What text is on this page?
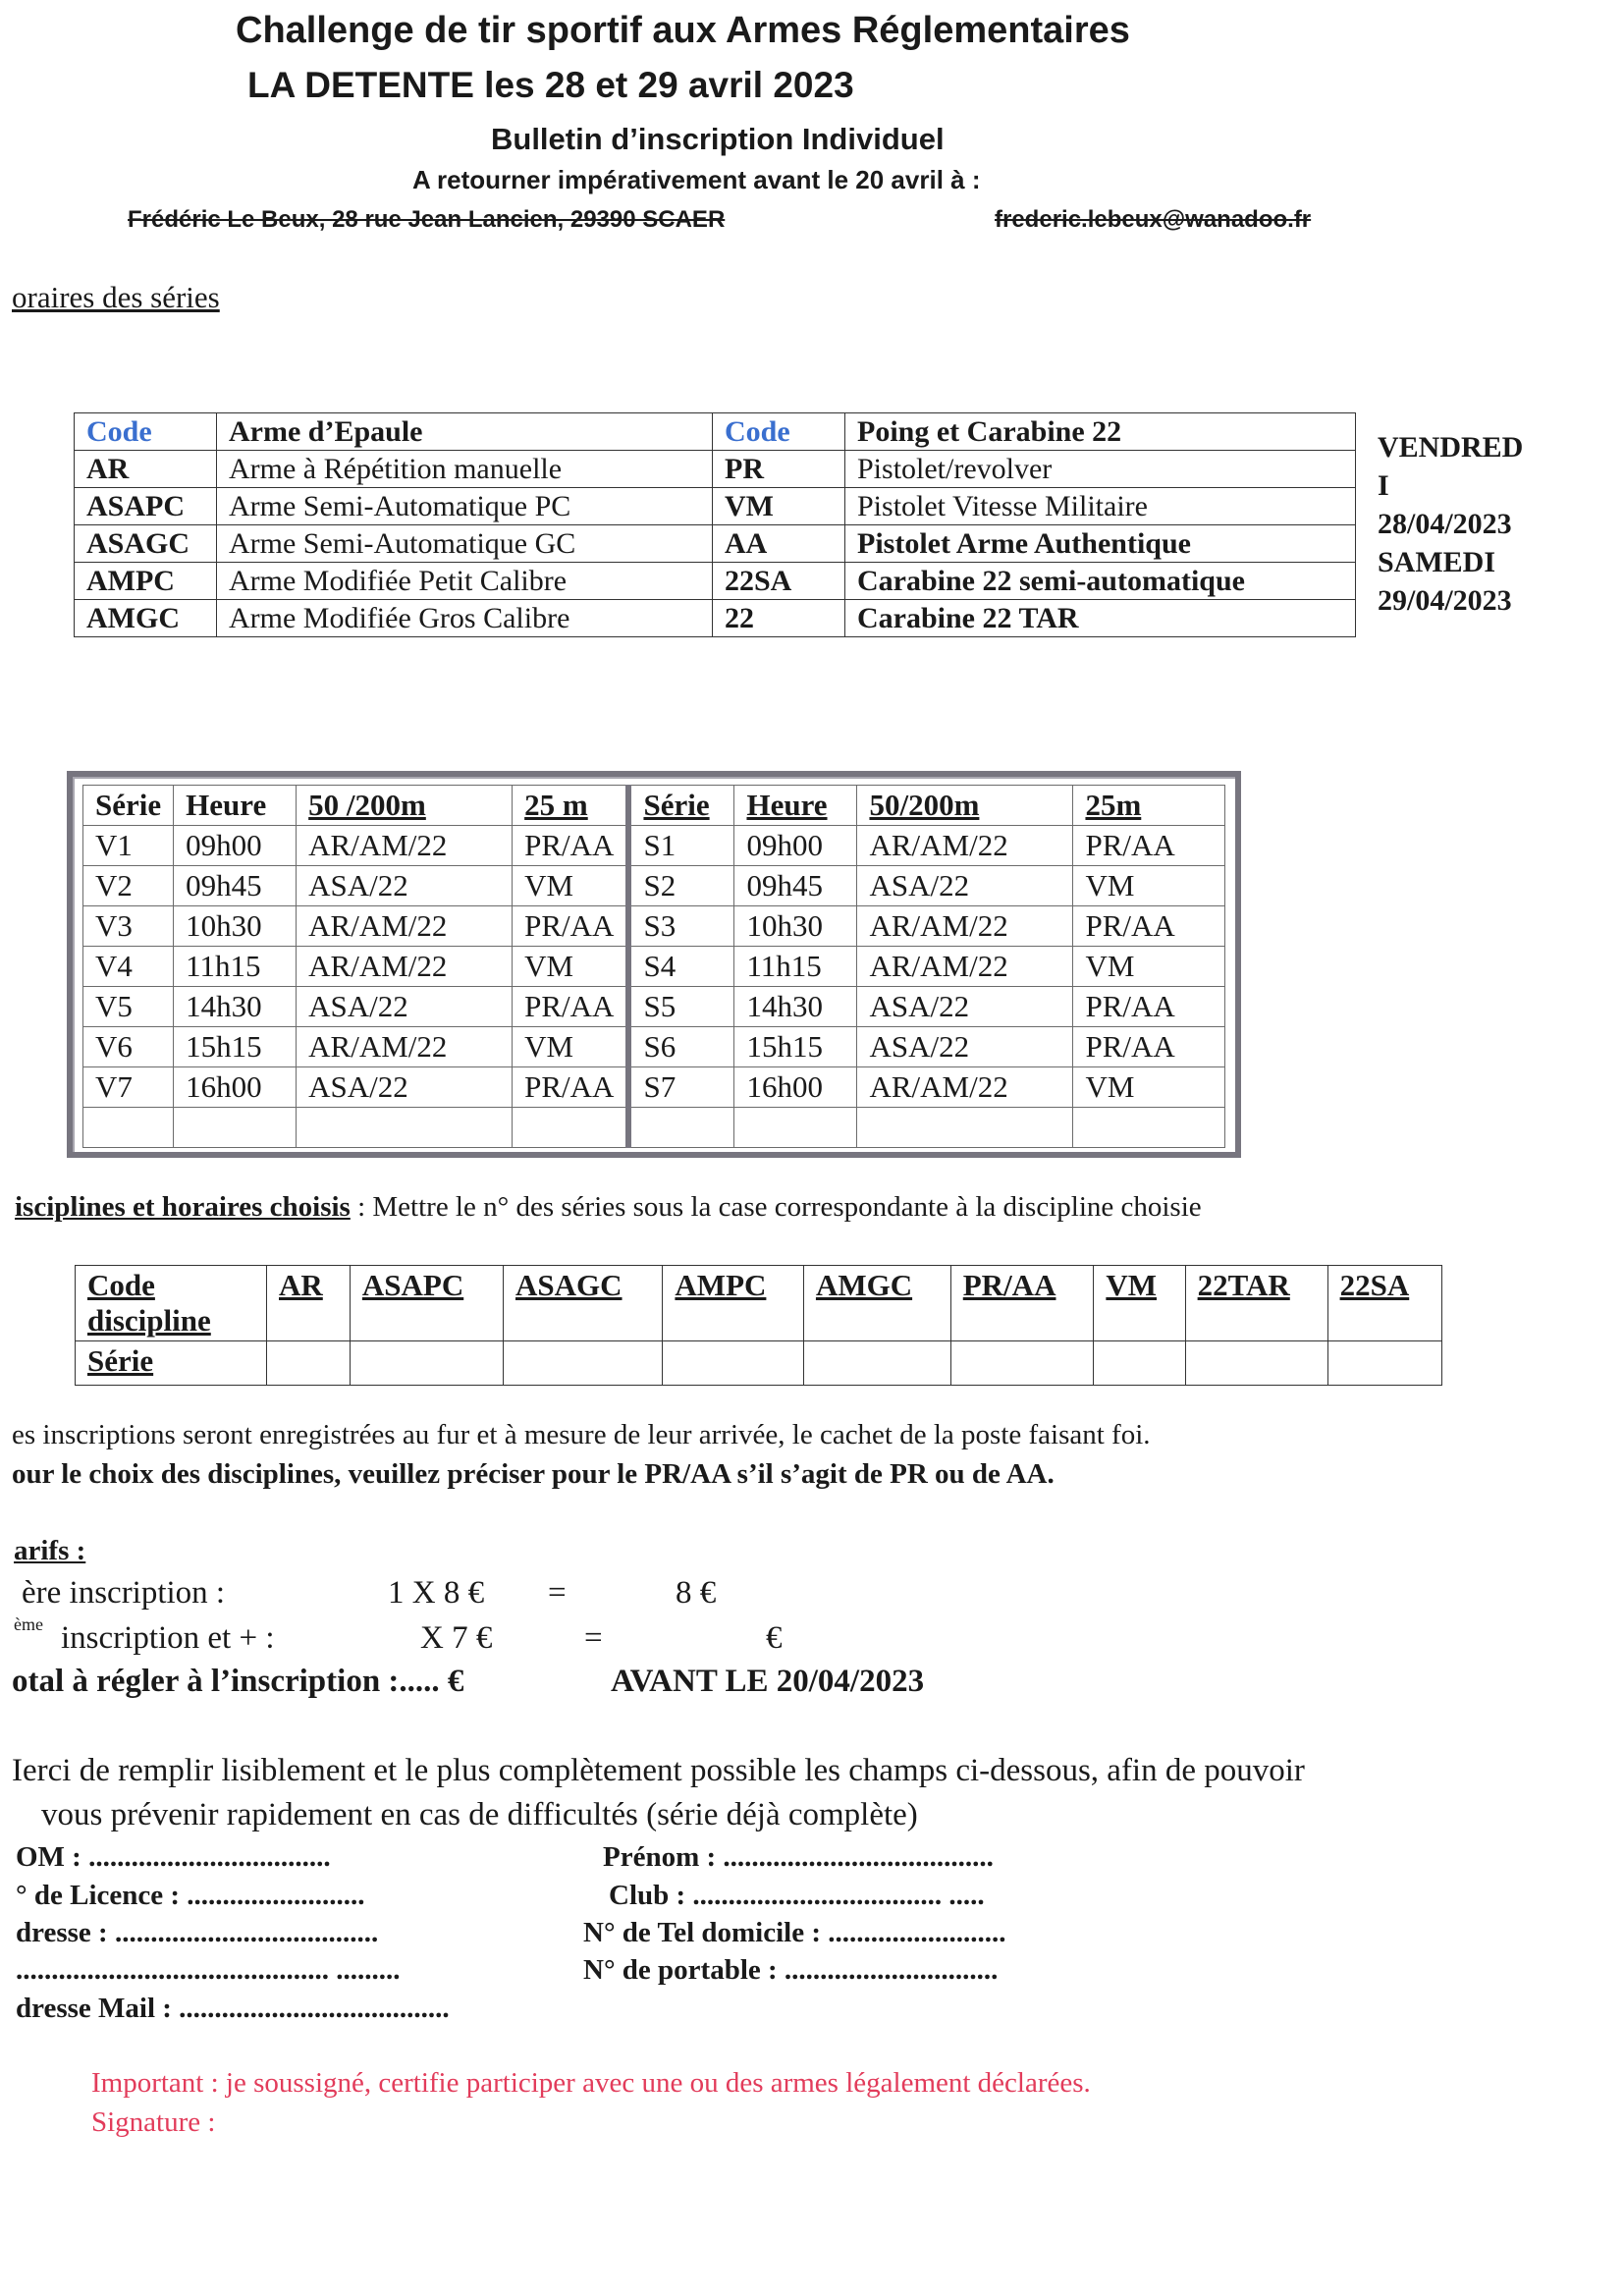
Challenge de tir sportif aux Armes Réglementaires
LA DETENTE les 28 et 29 avril 2023
Bulletin d’inscription Individuel
A retourner impérativement avant le 20 avril à :
Frédéric Le Beux, 28 rue Jean Lancien, 29390 SCAER	frederic.lebeux@wanadoo.fr
oraires des séries
Code	Arme d’Epaule	Code	Poing et Carabine 22
AR	Arme à Répétition manuelle	PR	Pistolet/revolver
ASAPC	Arme Semi-Automatique PC	VM	Pistolet Vitesse Militaire
ASAGC	Arme Semi-Automatique GC	AA	Pistolet Arme Authentique
AMPC	Arme Modifiée Petit Calibre	22SA	Carabine 22 semi-automatique
AMGC	Arme Modifiée Gros Calibre	22	Carabine 22 TAR
VENDRED
I
28/04/2023
SAMEDI
29/04/2023
Série	Heure	50 /200m	25 m	Série	Heure	50/200m	25m
V1	09h00	AR/AM/22	PR/AA	S1	09h00	AR/AM/22	PR/AA
V2	09h45	ASA/22	VM	S2	09h45	ASA/22	VM
V3	10h30	AR/AM/22	PR/AA	S3	10h30	AR/AM/22	PR/AA
V4	11h15	AR/AM/22	VM	S4	11h15	AR/AM/22	VM
V5	14h30	ASA/22	PR/AA	S5	14h30	ASA/22	PR/AA
V6	15h15	AR/AM/22	VM	S6	15h15	ASA/22	PR/AA
V7	16h00	ASA/22	PR/AA	S7	16h00	AR/AM/22	VM

isciplines et horaires choisis : Mettre le n° des séries sous la case correspondante à la discipline choisie
Code
discipline	AR	ASAPC	ASAGC	AMPC	AMGC	PR/AA	VM	22TAR	22SA
Série									
es inscriptions seront enregistrées au fur et à mesure de leur arrivée, le cachet de la poste faisant foi.
our le choix des disciplines, veuillez préciser pour le PR/AA s’il s’agit de PR ou de AA.
arifs :
ère inscription :	1 X 8 € =	8 €
ème inscription et + :	X 7 €	=	€
otal à régler à l’inscription :..... €	AVANT LE 20/04/2023
Ierci de remplir lisiblement et le plus complètement possible les champs ci-dessous, afin de pouvoir
vous prévenir rapidement en cas de difficultés (série déjà complète)
OM : ..................................	Prénom : ......................................
° de Licence : .........................	Club : ................................... .....
dresse : .....................................	N° de Tel domicile : .........................
............................................ .........	N° de portable : ..............................
dresse Mail : ......................................
Important : je soussigné, certifie participer avec une ou des armes légalement déclarées.
Signature :
